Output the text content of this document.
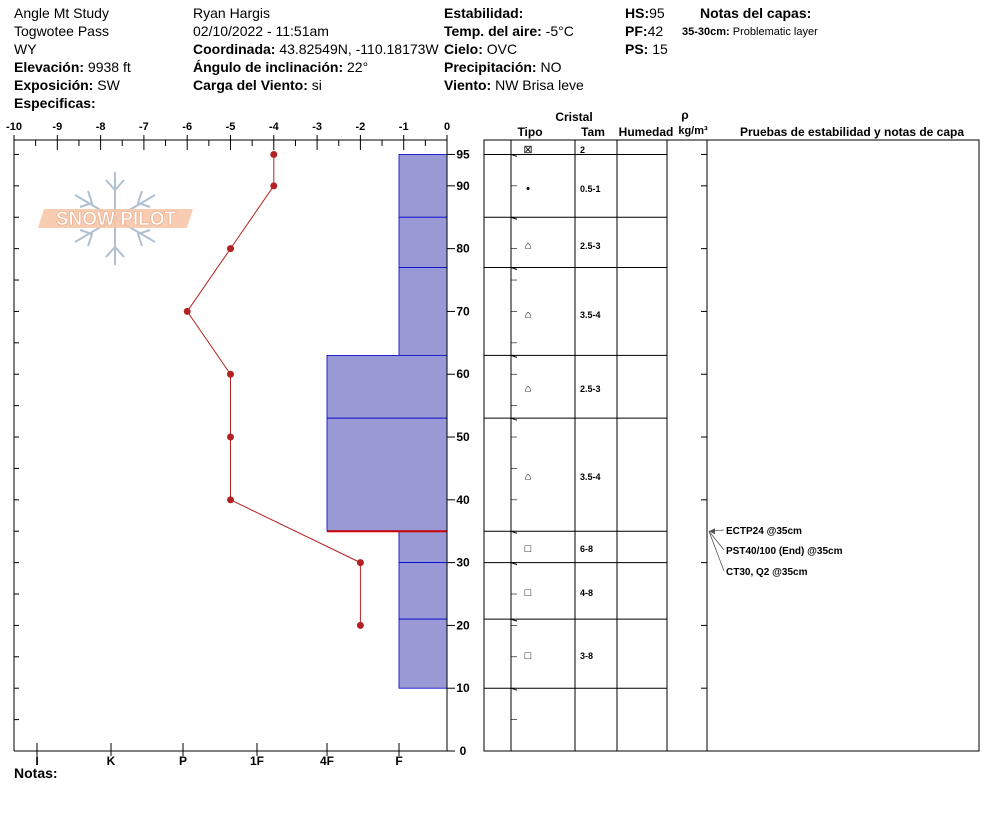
Angle Mt Study
Togwotee Pass
WY
Elevación: 9938 ft
Exposición: SW
Especificas:
Ryan Hargis
02/10/2022 - 11:51am
Coordinada: 43.82549N, -110.18173W
Ángulo de inclinación: 22°
Carga del Viento: si
Estabilidad:
Temp. del aire: -5°C
Cielo: OVC
Precipitación: NO
Viento: NW Brisa leve
HS:95
PF:42
PS: 15
Notas del capas:
35-30cm: Problematic layer
SNOW PILOT
-10	-9	-8	-7	-6	-5	-4	-3	-2	-1	0
I	K	P	1F	4F	F
95
90
80
70
60
50
40
30
20
10
0
Cristal
Tipo	Tam Humedad
ρ
kg/m³	Pruebas de estabilidad y notas de capa
⊠	2
•	0.5-1
⌂	2.5-3
⌂	3.5-4
⌂	2.5-3
⌂	3.5-4
□	6-8
□	4-8
□	3-8
ECTP24 @35cm
PST40/100 (End) @35cm
CT30, Q2 @35cm
Notas:
